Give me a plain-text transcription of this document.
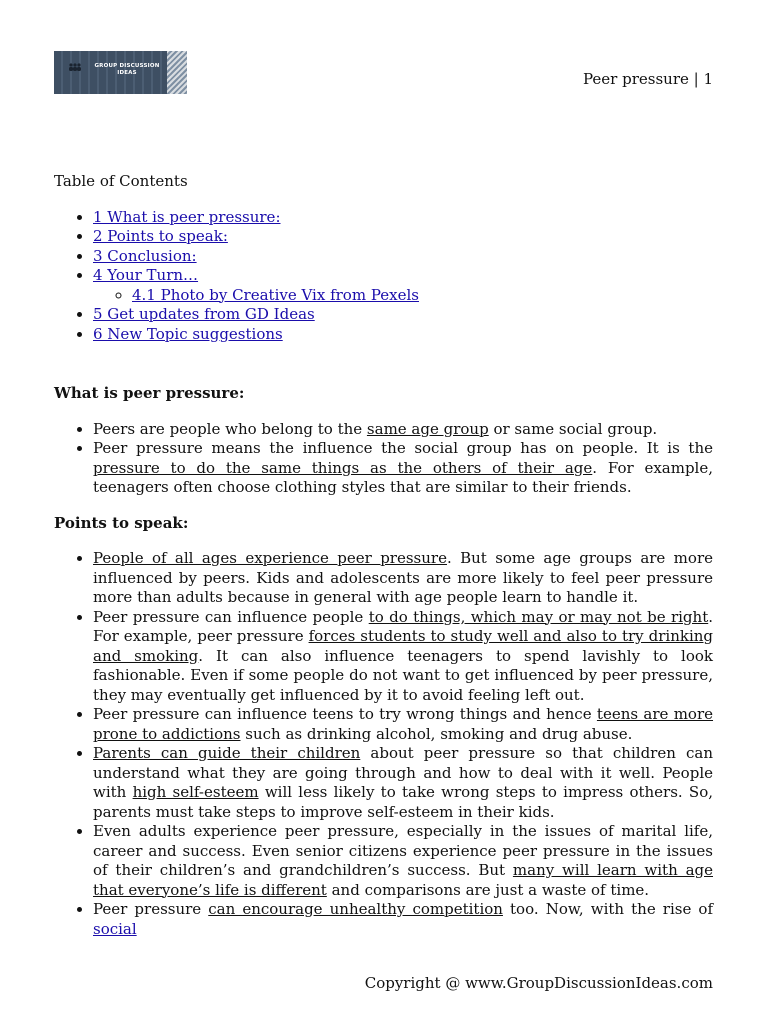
GROUP DISCUSSION
IDEAS	Peer pressure | 1
Table of Contents
• 1 What is peer pressure:
• 2 Points to speak:
• 3 Conclusion:
• 4 Your Turn…
◦ 4.1 Photo by Creative Vix from Pexels
• 5 Get updates from GD Ideas
• 6 New Topic suggestions
What is peer pressure:
• Peers are people who belong to the same age group or same social group.
• Peer pressure means the influence the social group has on people. It is the pressure to do the same things as the others of their age. For example, teenagers often choose clothing styles that are similar to their friends.
Points to speak:
• People of all ages experience peer pressure. But some age groups are more influenced by peers. Kids and adolescents are more likely to feel peer pressure more than adults because in general with age people learn to handle it.
• Peer pressure can influence people to do things, which may or may not be right. For example, peer pressure forces students to study well and also to try drinking and smoking. It can also influence teenagers to spend lavishly to look fashionable. Even if some people do not want to get influenced by peer pressure, they may eventually get influenced by it to avoid feeling left out.
• Peer pressure can influence teens to try wrong things and hence teens are more prone to addictions such as drinking alcohol, smoking and drug abuse.
• Parents can guide their children about peer pressure so that children can understand what they are going through and how to deal with it well. People with high self-esteem will less likely to take wrong steps to impress others. So, parents must take steps to improve self-esteem in their kids.
• Even adults experience peer pressure, especially in the issues of marital life, career and success. Even senior citizens experience peer pressure in the issues of their children’s and grandchildren’s success. But many will learn with age that everyone’s life is different and comparisons are just a waste of time.
• Peer pressure can encourage unhealthy competition too. Now, with the rise of social
Copyright @ www.GroupDiscussionIdeas.com
